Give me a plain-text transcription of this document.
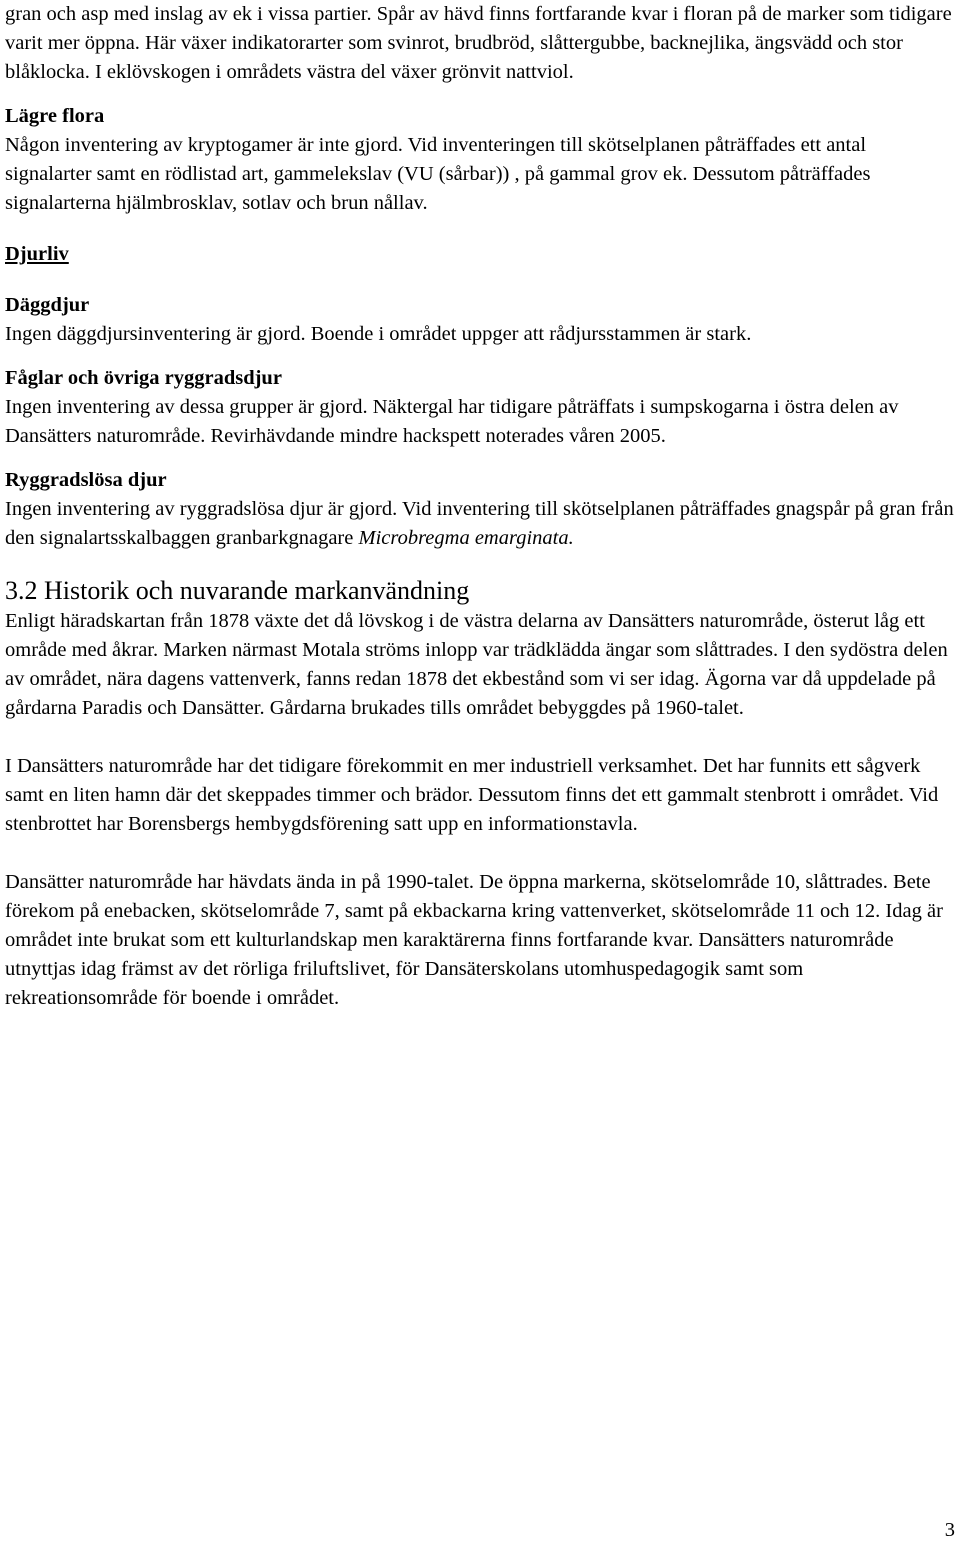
gran och asp med inslag av ek i vissa partier. Spår av hävd finns fortfarande kvar i floran på de marker som tidigare varit mer öppna. Här växer indikatorarter som svinrot, brudbröd, slåttergubbe, backnejlika, ängsvädd och stor blåklocka. I eklövskogen i områdets västra del växer grönvit nattviol.

Lägre flora

Någon inventering av kryptogamer är inte gjord. Vid inventeringen till skötselplanen påträffades ett antal signalarter samt en rödlistad art, gammelekslav (VU (sårbar)) , på gammal grov ek. Dessutom påträffades signalarterna hjälmbrosklav, sotlav och brun nållav.

Djurliv

Däggdjur

Ingen däggdjursinventering är gjord. Boende i området uppger att rådjursstammen är stark.

Fåglar och övriga ryggradsdjur

Ingen inventering av dessa grupper är gjord. Näktergal har tidigare påträffats i sumpskogarna i östra delen av Dansätters naturområde. Revirhävdande mindre hackspett noterades våren 2005.

Ryggradslösa djur

Ingen inventering av ryggradslösa djur är gjord. Vid inventering till skötselplanen påträffades gnagspår på gran från den signalartsskalbaggen granbarkgnagare Microbregma emarginata.

3.2 Historik och nuvarande markanvändning

Enligt häradskartan från 1878 växte det då lövskog i de västra delarna av Dansätters naturområde, österut låg ett område med åkrar. Marken närmast Motala ströms inlopp var trädklädda ängar som slåttrades. I den sydöstra delen av området, nära dagens vattenverk, fanns redan 1878 det ekbestånd som vi ser idag. Ägorna var då uppdelade på gårdarna Paradis och Dansätter. Gårdarna brukades tills området bebyggdes på 1960-talet.

I Dansätters naturområde har det tidigare förekommit en mer industriell verksamhet. Det har funnits ett sågverk samt en liten hamn där det skeppades timmer och brädor. Dessutom finns det ett gammalt stenbrott i området. Vid stenbrottet har Borensbergs hembygdsförening satt upp en informationstavla.

Dansätter naturområde har hävdats ända in på 1990-talet. De öppna markerna, skötselområde 10, slåttrades. Bete förekom på enebacken, skötselområde 7, samt på ekbackarna kring vattenverket, skötselområde 11 och 12. Idag är området inte brukat som ett kulturlandskap men karaktärerna finns fortfarande kvar. Dansätters naturområde utnyttjas idag främst av det rörliga friluftslivet, för Dansäterskolans utomhuspedagogik samt som rekreationsområde för boende i området.

3
